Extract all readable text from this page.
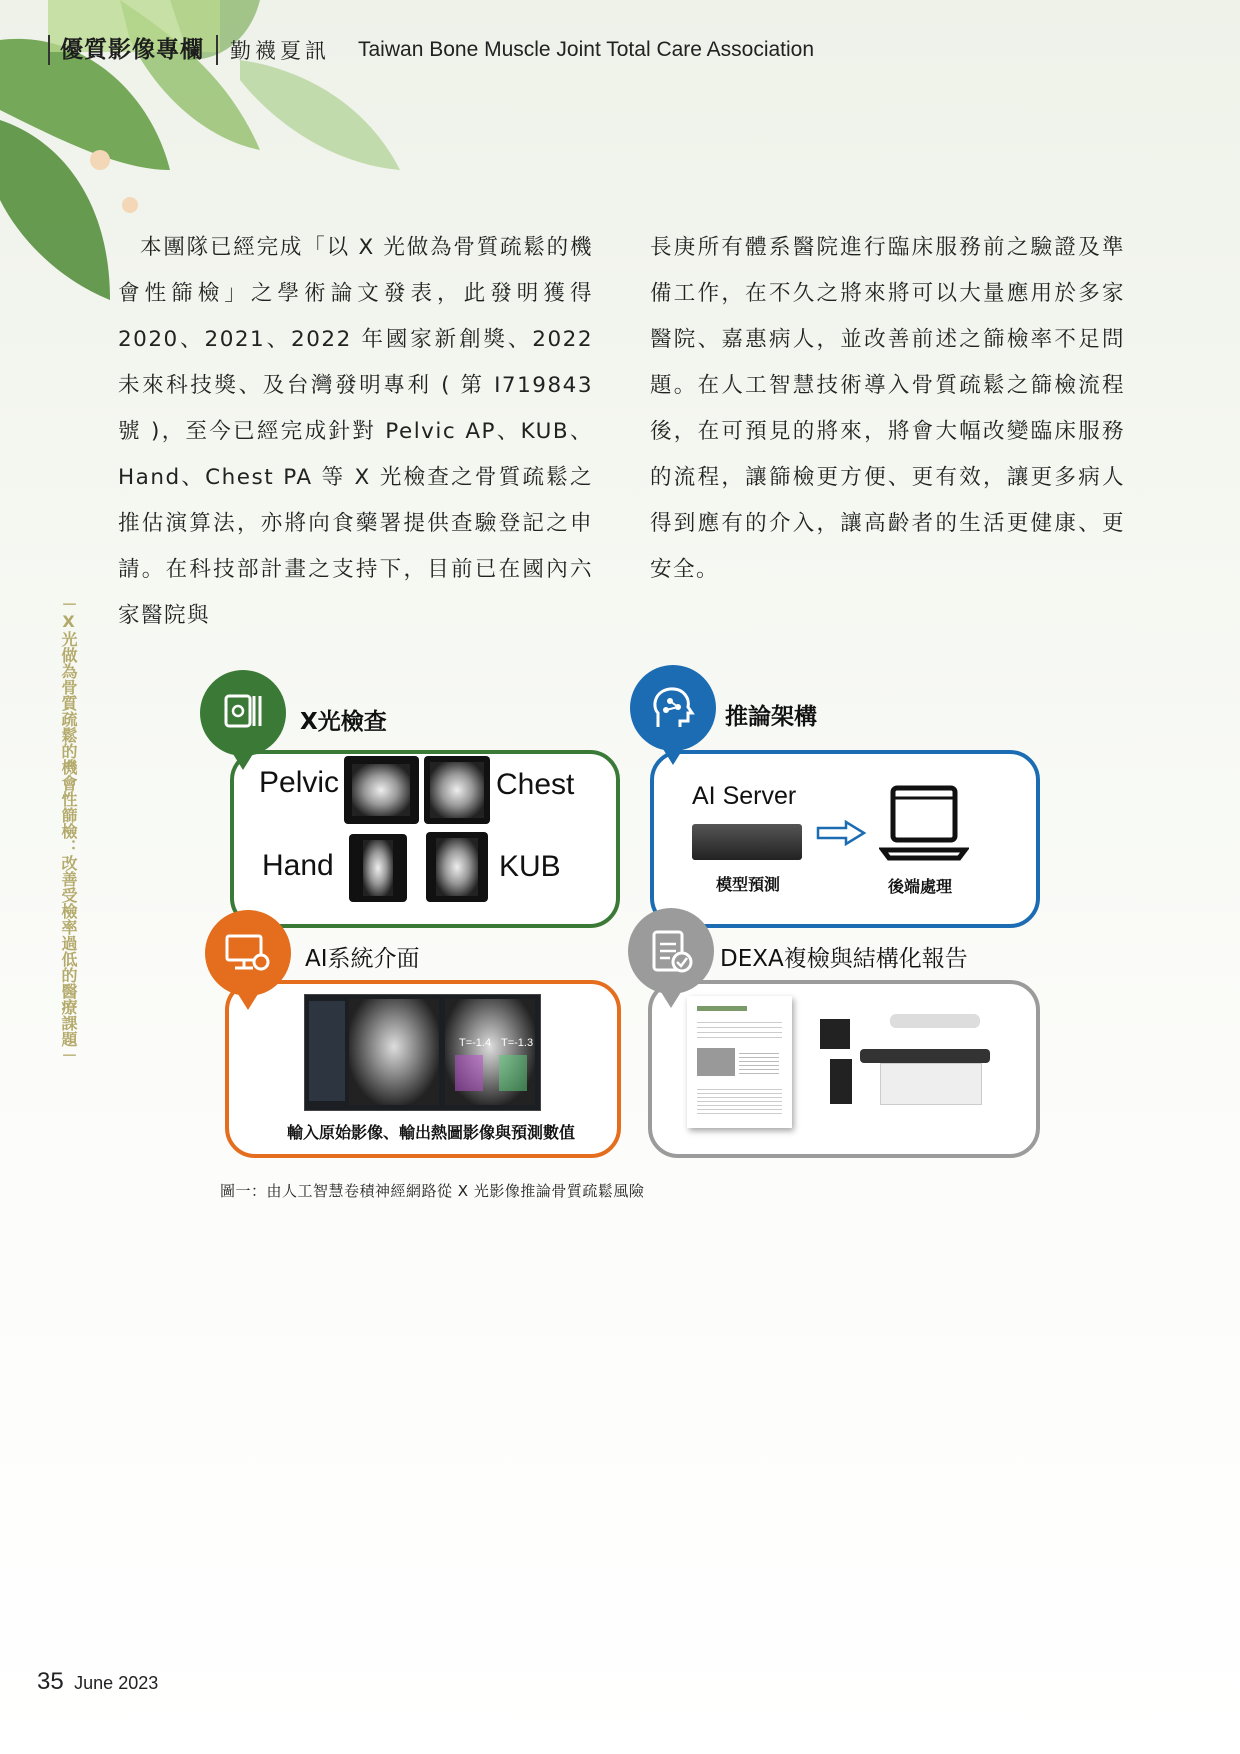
優質影像專欄 勤襪夏訊 Taiwan Bone Muscle Joint Total Care Association
－X光做為骨質疏鬆的機會性篩檢：改善受檢率過低的醫療課題－
本團隊已經完成「以 X 光做為骨質疏鬆的機會性篩檢」之學術論文發表，此發明獲得 2020、2021、2022 年國家新創獎、2022 未來科技獎、及台灣發明專利 ( 第 I719843 號 )，至今已經完成針對 Pelvic AP、KUB、Hand、Chest PA 等 X 光檢查之骨質疏鬆之推估演算法，亦將向食藥署提供查驗登記之申請。在科技部計畫之支持下，目前已在國內六家醫院與
長庚所有體系醫院進行臨床服務前之驗證及準備工作，在不久之將來將可以大量應用於多家醫院、嘉惠病人，並改善前述之篩檢率不足問題。在人工智慧技術導入骨質疏鬆之篩檢流程後，在可預見的將來，將會大幅改變臨床服務的流程，讓篩檢更方便、更有效，讓更多病人得到應有的介入，讓高齡者的生活更健康、更安全。
Pelvic	Chest
Hand	KUB
X光檢查
AI Server
模型預測	後端處理
推論架構
T=-1.4 T=-1.3
輸入原始影像、輸出熱圖影像與預測數值
AI系統介面	DEXA複檢與結構化報告
圖一：由人工智慧卷積神經網路從 X 光影像推論骨質疏鬆風險
35 June 2023
